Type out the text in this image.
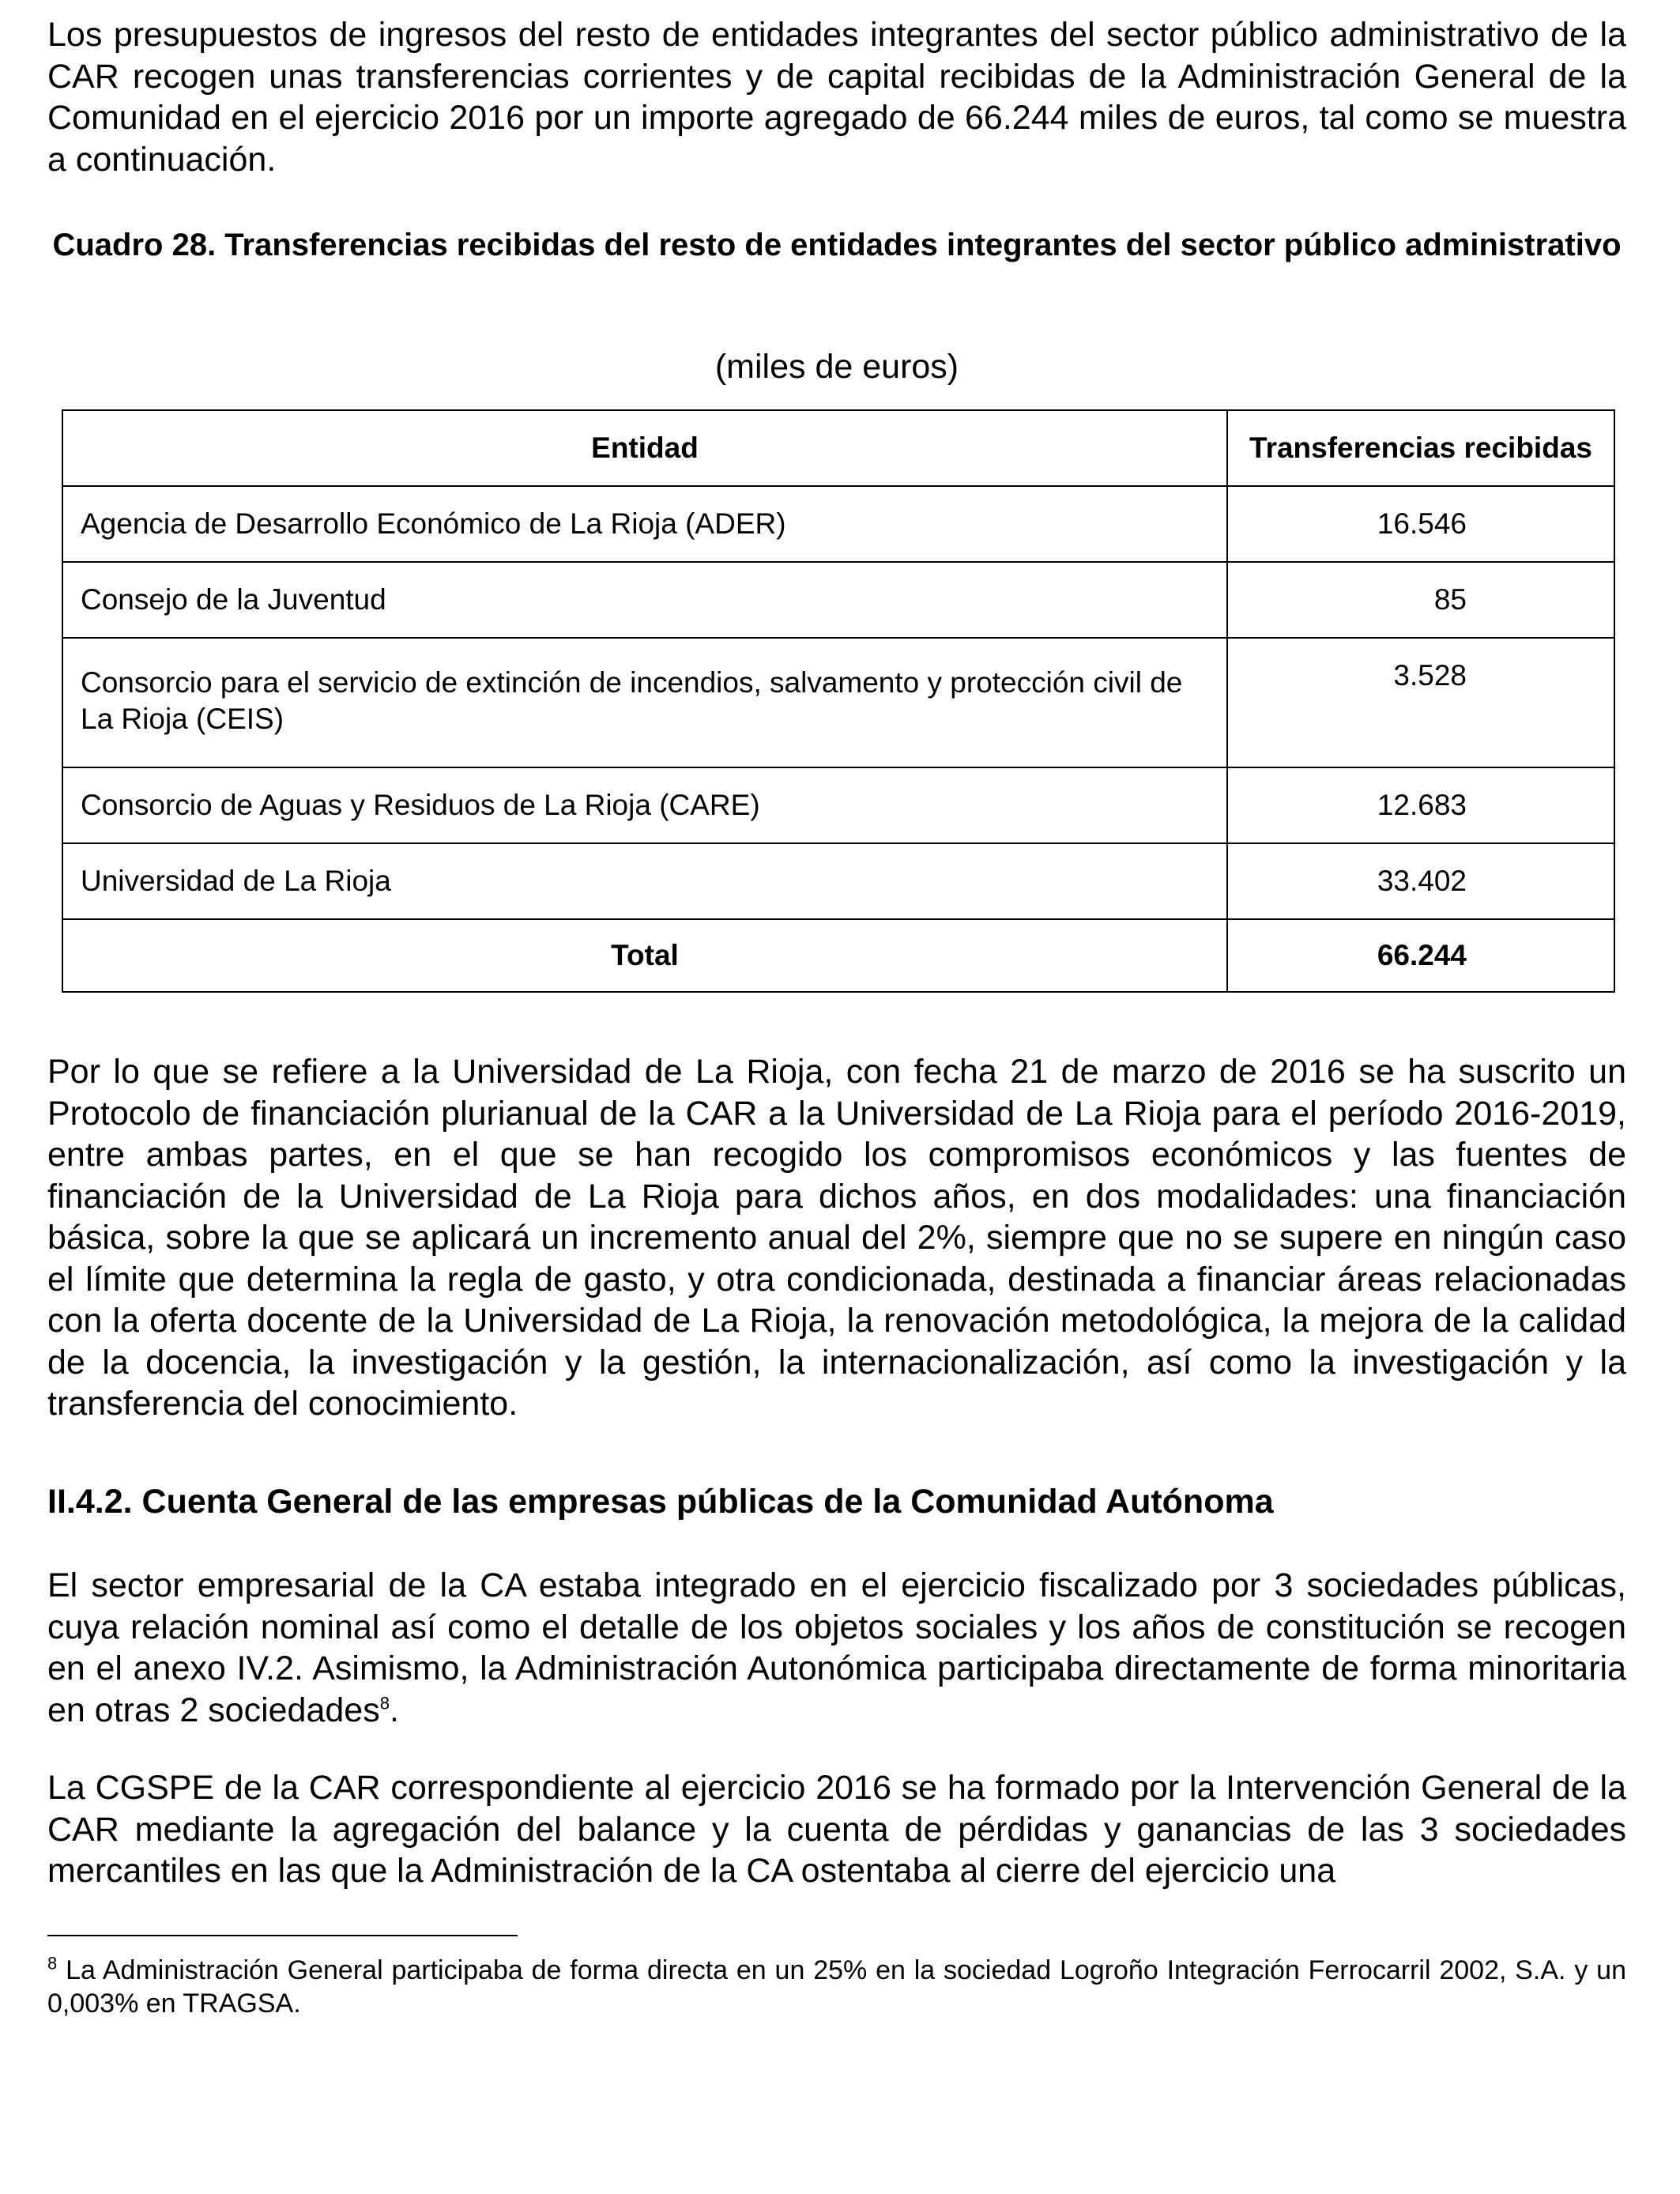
Los presupuestos de ingresos del resto de entidades integrantes del sector público administrativo de la CAR recogen unas transferencias corrientes y de capital recibidas de la Administración General de la Comunidad en el ejercicio 2016 por un importe agregado de 66.244 miles de euros, tal como se muestra a continuación.

Cuadro 28. Transferencias recibidas del resto de entidades integrantes del sector público administrativo

(miles de euros)

Entidad	Transferencias recibidas
Agencia de Desarrollo Económico de La Rioja (ADER)	16.546
Consejo de la Juventud	85
Consorcio para el servicio de extinción de incendios, salvamento y protección civil de La Rioja (CEIS)	3.528
Consorcio de Aguas y Residuos de La Rioja (CARE)	12.683
Universidad de La Rioja	33.402
Total	66.244

Por lo que se refiere a la Universidad de La Rioja, con fecha 21 de marzo de 2016 se ha suscrito un Protocolo de financiación plurianual de la CAR a la Universidad de La Rioja para el período 2016-2019, entre ambas partes, en el que se han recogido los compromisos económicos y las fuentes de financiación de la Universidad de La Rioja para dichos años, en dos modalidades: una financiación básica, sobre la que se aplicará un incremento anual del 2%, siempre que no se supere en ningún caso el límite que determina la regla de gasto, y otra condicionada, destinada a financiar áreas relacionadas con la oferta docente de la Universidad de La Rioja, la renovación metodológica, la mejora de la calidad de la docencia, la investigación y la gestión, la internacionalización, así como la investigación y la transferencia del conocimiento.

II.4.2. Cuenta General de las empresas públicas de la Comunidad Autónoma

El sector empresarial de la CA estaba integrado en el ejercicio fiscalizado por 3 sociedades públicas, cuya relación nominal así como el detalle de los objetos sociales y los años de constitución se recogen en el anexo IV.2. Asimismo, la Administración Autonómica participaba directamente de forma minoritaria en otras 2 sociedades$^8$.

La CGSPE de la CAR correspondiente al ejercicio 2016 se ha formado por la Intervención General de la CAR mediante la agregación del balance y la cuenta de pérdidas y ganancias de las 3 sociedades mercantiles en las que la Administración de la CA ostentaba al cierre del ejercicio una

$^8$ La Administración General participaba de forma directa en un 25% en la sociedad Logroño Integración Ferrocarril 2002, S.A. y un 0,003% en TRAGSA.
